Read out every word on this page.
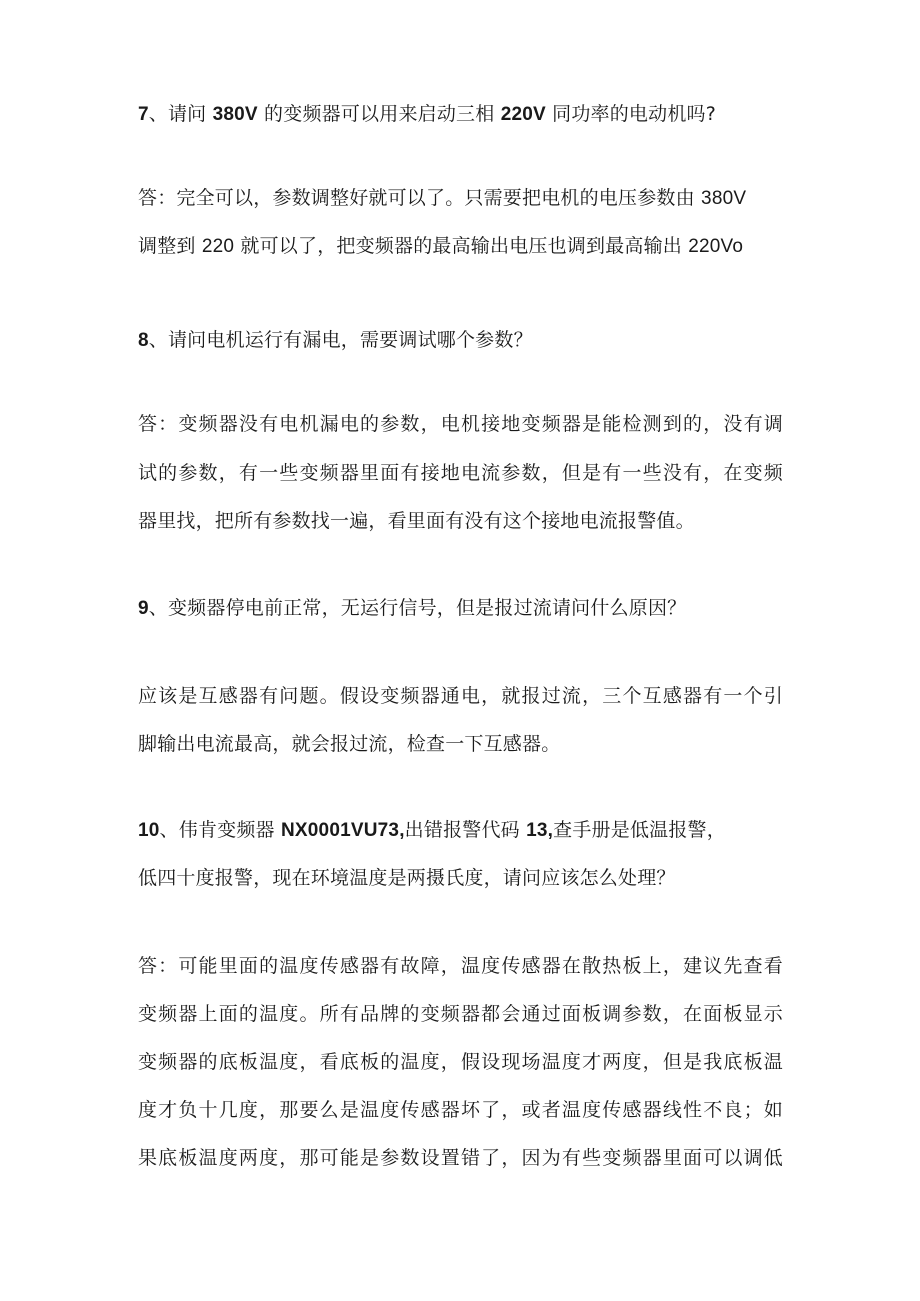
7、请问 380V 的变频器可以用来启动三相 220V 同功率的电动机吗?
答：完全可以，参数调整好就可以了。只需要把电机的电压参数由 380V
调整到 220 就可以了，把变频器的最高输出电压也调到最高输出 220Vo
8、请问电机运行有漏电，需要调试哪个参数？
答：变频器没有电机漏电的参数，电机接地变频器是能检测到的，没有调
试的参数，有一些变频器里面有接地电流参数，但是有一些没有，在变频
器里找，把所有参数找一遍，看里面有没有这个接地电流报警值。
9、变频器停电前正常，无运行信号，但是报过流请问什么原因？
应该是互感器有问题。假设变频器通电，就报过流，三个互感器有一个引
脚输出电流最高，就会报过流，检查一下互感器。
10、伟肯变频器 NX0001VU73,出错报警代码 13,查手册是低温报警，
低四十度报警，现在环境温度是两摄氏度，请问应该怎么处理？
答：可能里面的温度传感器有故障，温度传感器在散热板上，建议先查看
变频器上面的温度。所有品牌的变频器都会通过面板调参数，在面板显示
变频器的底板温度，看底板的温度，假设现场温度才两度，但是我底板温
度才负十几度，那要么是温度传感器坏了，或者温度传感器线性不良；如
果底板温度两度，那可能是参数设置错了，因为有些变频器里面可以调低
